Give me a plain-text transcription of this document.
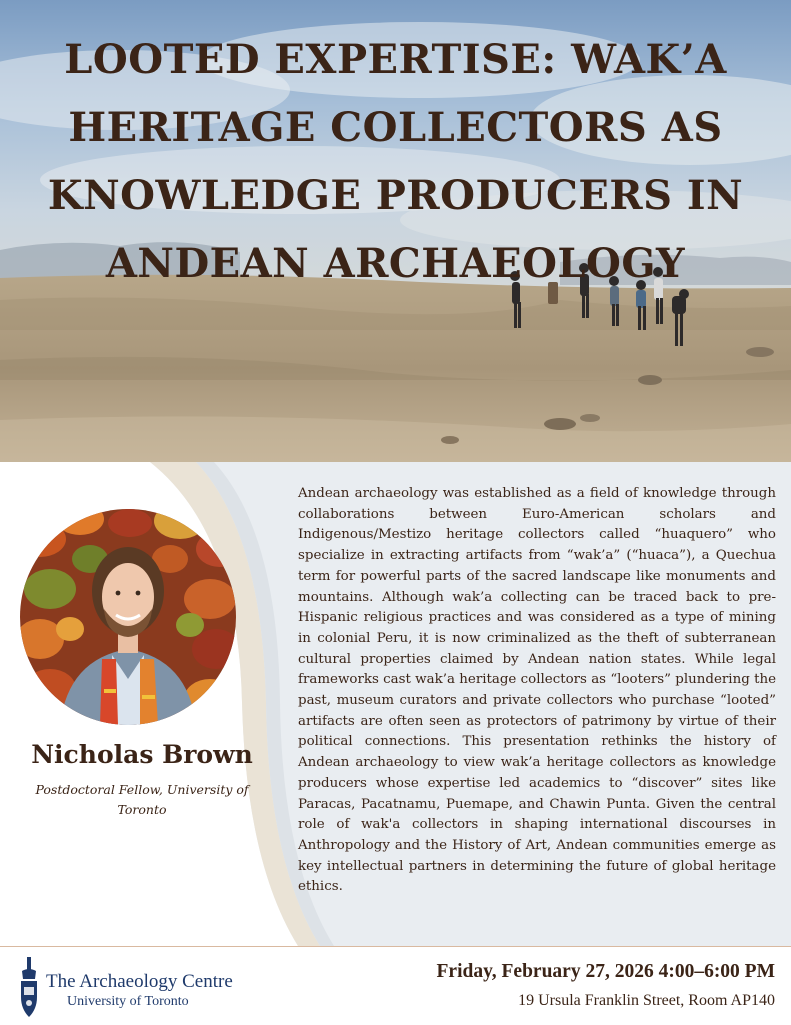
LOOTED EXPERTISE: WAK’A
HERITAGE COLLECTORS AS
KNOWLEDGE PRODUCERS IN
ANDEAN ARCHAEOLOGY
Nicholas Brown

Postdoctoral Fellow, University of
Toronto

Andean archaeology was established as a field of knowledge through collaborations between Euro-American scholars and Indigenous/Mestizo heritage collectors called “huaquero” who specialize in extracting artifacts from “wak’a” (“huaca”), a Quechua term for powerful parts of the sacred landscape like monuments and mountains. Although wak’a collecting can be traced back to pre-Hispanic religious practices and was considered as a type of mining in colonial Peru, it is now criminalized as the theft of subterranean cultural properties claimed by Andean nation states. While legal frameworks cast wak’a heritage collectors as “looters” plundering the past, museum curators and private collectors who purchase “looted” artifacts are often seen as protectors of patrimony by virtue of their political connections. This presentation rethinks the history of Andean archaeology to view wak’a heritage collectors as knowledge producers whose expertise led academics to “discover” sites like Paracas, Pacatnamu, Puemape, and Chawin Punta. Given the central role of wak'a collectors in shaping international discourses in Anthropology and the History of Art, Andean communities emerge as key intellectual partners in determining the future of global heritage ethics.

The Archaeology Centre

University of Toronto

Friday, February 27, 2026 4:00–6:00 PM

19 Ursula Franklin Street, Room AP140
